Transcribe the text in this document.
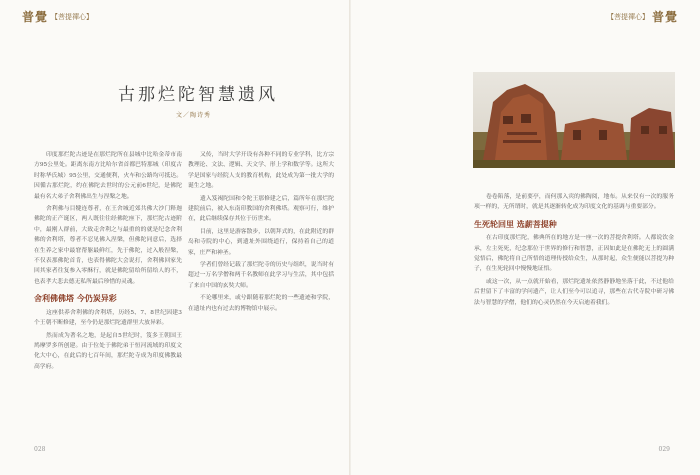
普覺 【菩提禪心】	【菩提禪心】 普覺
古那烂陀智慧遗风
文／陶诗秀

印度那烂陀古迹是在那烂陀所在县城中比哈金蒂市南方95公里处。距离东南方比哈尔省首都巴特那城（印度古时称华氏城）95公里，交通便利，火车和公路均可抵达。因循古那烂陀，约在佛陀去世时的公元前6世纪，是佛陀最有名大弟子舍利佛出生与涅槃之地。

舍利佛与目犍连尊者，在王舍城近郊共佛大沙门释迦佛陀的正产诞区，两人既往往经佛陀座下，那烂陀古迹附中，最刚人群前，大致走舍利之与最重的的就是纪念舍利佛的舍利塔，尊者不忍见佛入涅槃，但佛陀同意后，选择在生养之家中最窘帮躯最鲜红，先于佛陀，过入般涅槃，不仅表那佛陀首肯，也表得佛陀大会说打，舍利佛回家先回其家者往复参入零酥行，就是佛陀留给所留给人的不，也表孝大悲去德无私所最后珍惜的灵魂。

舍利佛佛塔 今仍炭异彩

这座供养舍利佛的舍利塔，历经5、7、8世纪因建3个王朝不断修建，至今仍是那烂陀遗群里大放异彩。

然而成为著名之地，是起自5世纪时，笈多王朝国王鸠摩罗多所创建。由于位处于佛陀弟于恒河流域的印度文化大中心，在此后的七百年间，那烂陀寺成为印度佛教最高学府。

又传，当时大学开设有各种不同的专业学科，比方宗教理论、文法、逻辑、天文学、形上学和数学等。这所大学是国家与经院人支的教育机构，此处成为第一批大学的诞生之地。

遗入笈褐陀国和令陀王那修建之后，篇所年在那烂陀建院前后，被入东南印教国的舍利佛塔。观察可行，维护在，此后继续保存其位于历世来。

目前，这里是游客散步，以朝拜式的，在此附近的群岛和寺院的中心，到遗址外围绕道行，保持着自己的道家，庄严和神圣。

学者们曾经记载了那烂陀寺的历史与组织，说当时有超过一万名学僧和两千名教师在此学习与生活，其中包括了来自中国的玄奘大师。

不论哪里来，或兮跟随着那烂陀的一些遗迹和学院，在遗址内也有过去的博物馆中展示。

卷卷陷落，是前要亭，而何那入宾的佛陶阅，地布。从来仅有一次的服务项一样的，无所谓时，就是其逐渐转化成为印度文化的基调与重要部分。

生死轮回里 选薪菩提种

在古印度那烂陀，佛典所在的地方是一座一次的菩提舍利塔。人都说饮金承，左主死死，纪念那位于世界的修行和智慧，正因如此是在佛陀无上的圆满觉悟后，佛陀将自己所悟的道理传授给众生，从那时起，众生便能以菩提为种子，在生死轮回中慢慢地证悟。

或这一次，从一点就开始看，那烂陀遗址依然静静地坐落于此，不过他给后世留下了丰富的学问遗产，让人们至今可以追寻，那些在古代寺院中研习佛法与智慧的学僧，他们的心灵仍然在今天启迪着我们。

028	029
